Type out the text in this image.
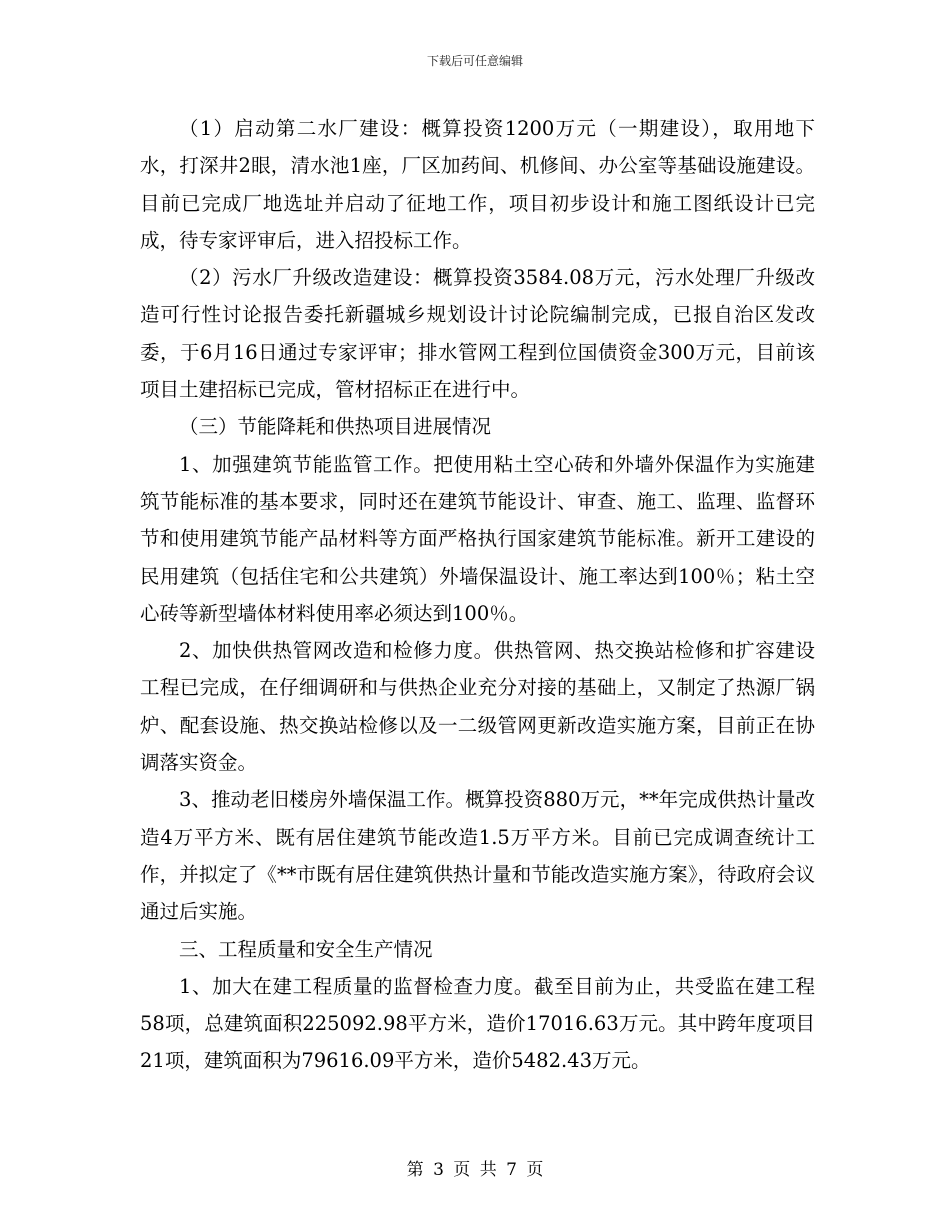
下载后可任意编辑

（1）启动第二水厂建设：概算投资1200万元（一期建设），取用地下水，打深井2眼，清水池1座，厂区加药间、机修间、办公室等基础设施建设。目前已完成厂地选址并启动了征地工作，项目初步设计和施工图纸设计已完成，待专家评审后，进入招投标工作。

（2）污水厂升级改造建设：概算投资3584.08万元，污水处理厂升级改造可行性讨论报告委托新疆城乡规划设计讨论院编制完成，已报自治区发改委，于6月16日通过专家评审；排水管网工程到位国债资金300万元，目前该项目土建招标已完成，管材招标正在进行中。

（三）节能降耗和供热项目进展情况

1、加强建筑节能监管工作。把使用粘土空心砖和外墙外保温作为实施建筑节能标准的基本要求，同时还在建筑节能设计、审查、施工、监理、监督环节和使用建筑节能产品材料等方面严格执行国家建筑节能标准。新开工建设的民用建筑（包括住宅和公共建筑）外墙保温设计、施工率达到100％；粘土空心砖等新型墙体材料使用率必须达到100％。

2、加快供热管网改造和检修力度。供热管网、热交换站检修和扩容建设工程已完成，在仔细调研和与供热企业充分对接的基础上，又制定了热源厂锅炉、配套设施、热交换站检修以及一二级管网更新改造实施方案，目前正在协调落实资金。

3、推动老旧楼房外墙保温工作。概算投资880万元，**年完成供热计量改造4万平方米、既有居住建筑节能改造1.5万平方米。目前已完成调查统计工作，并拟定了《**市既有居住建筑供热计量和节能改造实施方案》，待政府会议通过后实施。

三、工程质量和安全生产情况

1、加大在建工程质量的监督检查力度。截至目前为止，共受监在建工程58项，总建筑面积225092.98平方米，造价17016.63万元。其中跨年度项目21项，建筑面积为79616.09平方米，造价5482.43万元。

第 3 页 共 7 页
